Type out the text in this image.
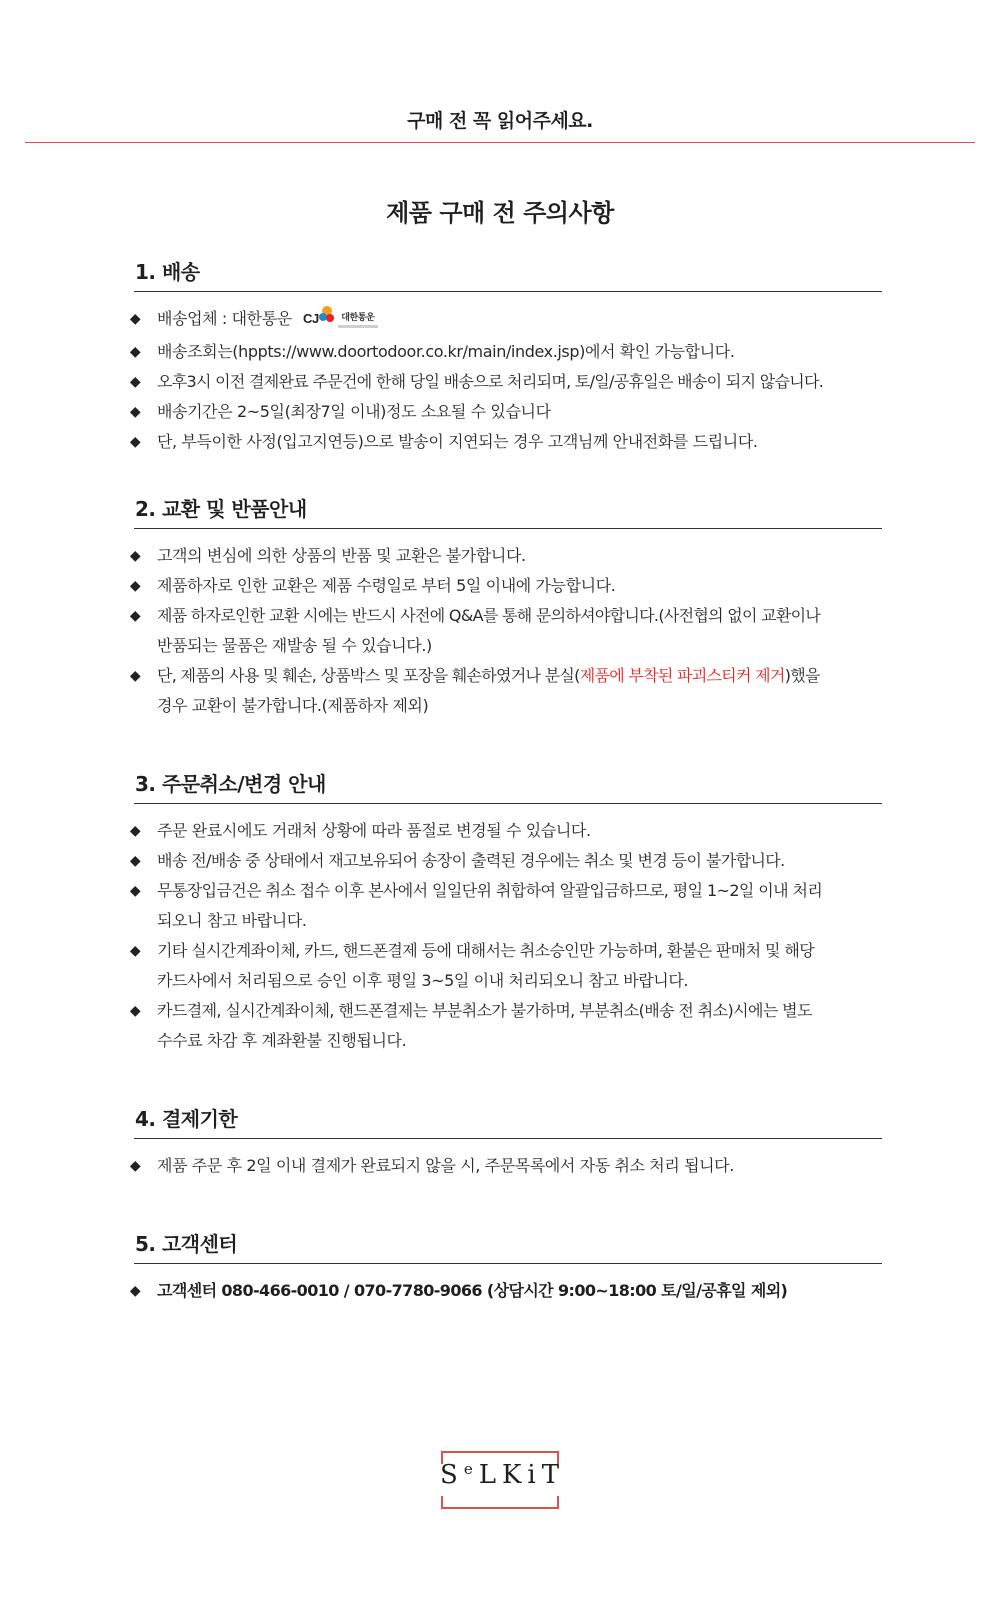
구매 전 꼭 읽어주세요.
제품 구매 전 주의사항
1. 배송
◆ 배송업체 : 대한통운 CJ	$^{대한통운}$
◆ 배송조회는(hppts://www.doortodoor.co.kr/main/index.jsp)에서 확인 가능합니다.
◆ 오후3시 이전 결제완료 주문건에 한해 당일 배송으로 처리되며, 토/일/공휴일은 배송이 되지 않습니다.
◆ 배송기간은 2~5일(최장7일 이내)정도 소요될 수 있습니다
◆ 단, 부득이한 사정(입고지연등)으로 발송이 지연되는 경우 고객님께 안내전화를 드립니다.
2. 교환 및 반품안내
◆ 고객의 변심에 의한 상품의 반품 및 교환은 불가합니다.
◆ 제품하자로 인한 교환은 제품 수령일로 부터 5일 이내에 가능합니다.
◆ 제품 하자로인한 교환 시에는 반드시 사전에 Q&A를 통해 문의하셔야합니다.(사전협의 없이 교환이나
반품되는 물품은 재발송 될 수 있습니다.)
◆ 단, 제품의 사용 및 훼손, 상품박스 및 포장을 훼손하였거나 분실(제품에 부착된 파괴스티커 제거)했을
경우 교환이 불가합니다.(제품하자 제외)
3. 주문취소/변경 안내
◆ 주문 완료시에도 거래처 상황에 따라 품절로 변경될 수 있습니다.
◆ 배송 전/배송 중 상태에서 재고보유되어 송장이 출력된 경우에는 취소 및 변경 등이 불가합니다.
◆ 무통장입금건은 취소 접수 이후 본사에서 일일단위 취합하여 알괄입금하므로, 평일 1~2일 이내 처리
되오니 참고 바랍니다.
◆ 기타 실시간계좌이체, 카드, 핸드폰결제 등에 대해서는 취소승인만 가능하며, 환불은 판매처 및 해당
카드사에서 처리됨으로 승인 이후 평일 3~5일 이내 처리되오니 참고 바랍니다.
◆ 카드결제, 실시간계좌이체, 핸드폰결제는 부분취소가 불가하며, 부분취소(배송 전 취소)시에는 별도
수수료 차감 후 계좌환불 진행됩니다.
4. 결제기한
◆ 제품 주문 후 2일 이내 결제가 완료되지 않을 시, 주문목록에서 자동 취소 처리 됩니다.
5. 고객센터
◆ 고객센터 080-466-0010 / 070-7780-9066 (상담시간 9:00~18:00 토/일/공휴일 제외)
$S^eLKiT$
